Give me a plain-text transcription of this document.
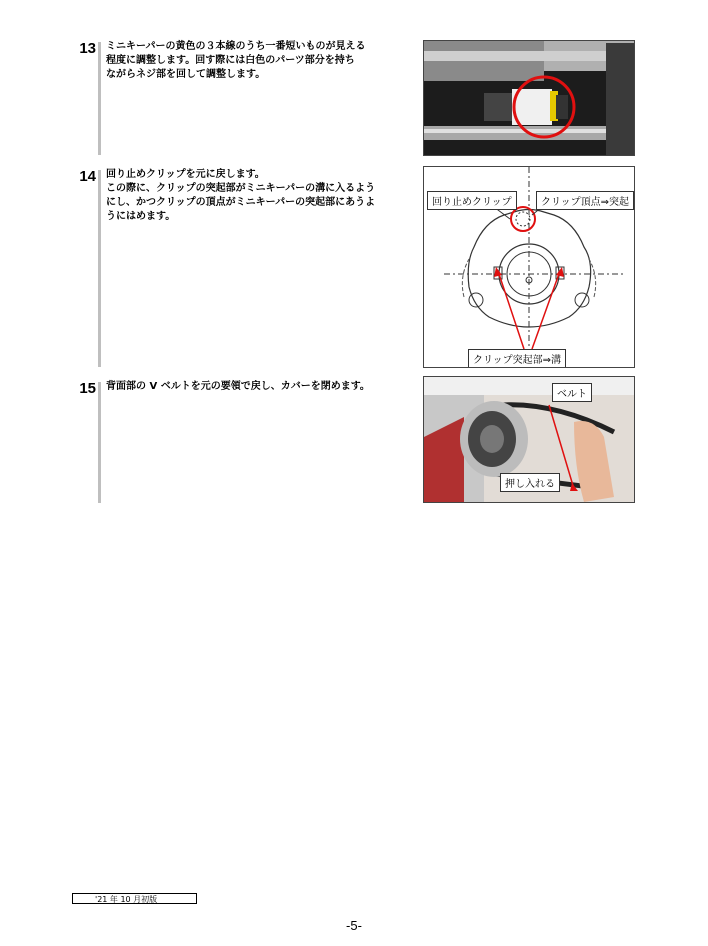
13 ミニキーパーの黄色の３本線のうち一番短いものが見える
程度に調整します。回す際には白色のパーツ部分を持ち
ながらネジ部を回して調整します。
14 回り止めクリップを元に戻します。
この際に、クリップの突起部がミニキーパーの溝に入るよう
にし、かつクリップの頂点がミニキーパーの突起部にあうよ
うにはめます。
回り止めクリップ	クリップ頂点⇒突起
クリップ突起部⇒溝
15 背面部の V ベルトを元の要領で戻し、カバーを閉めます。
ベルト
押し入れる
'21 年 10 月初版
-5-
